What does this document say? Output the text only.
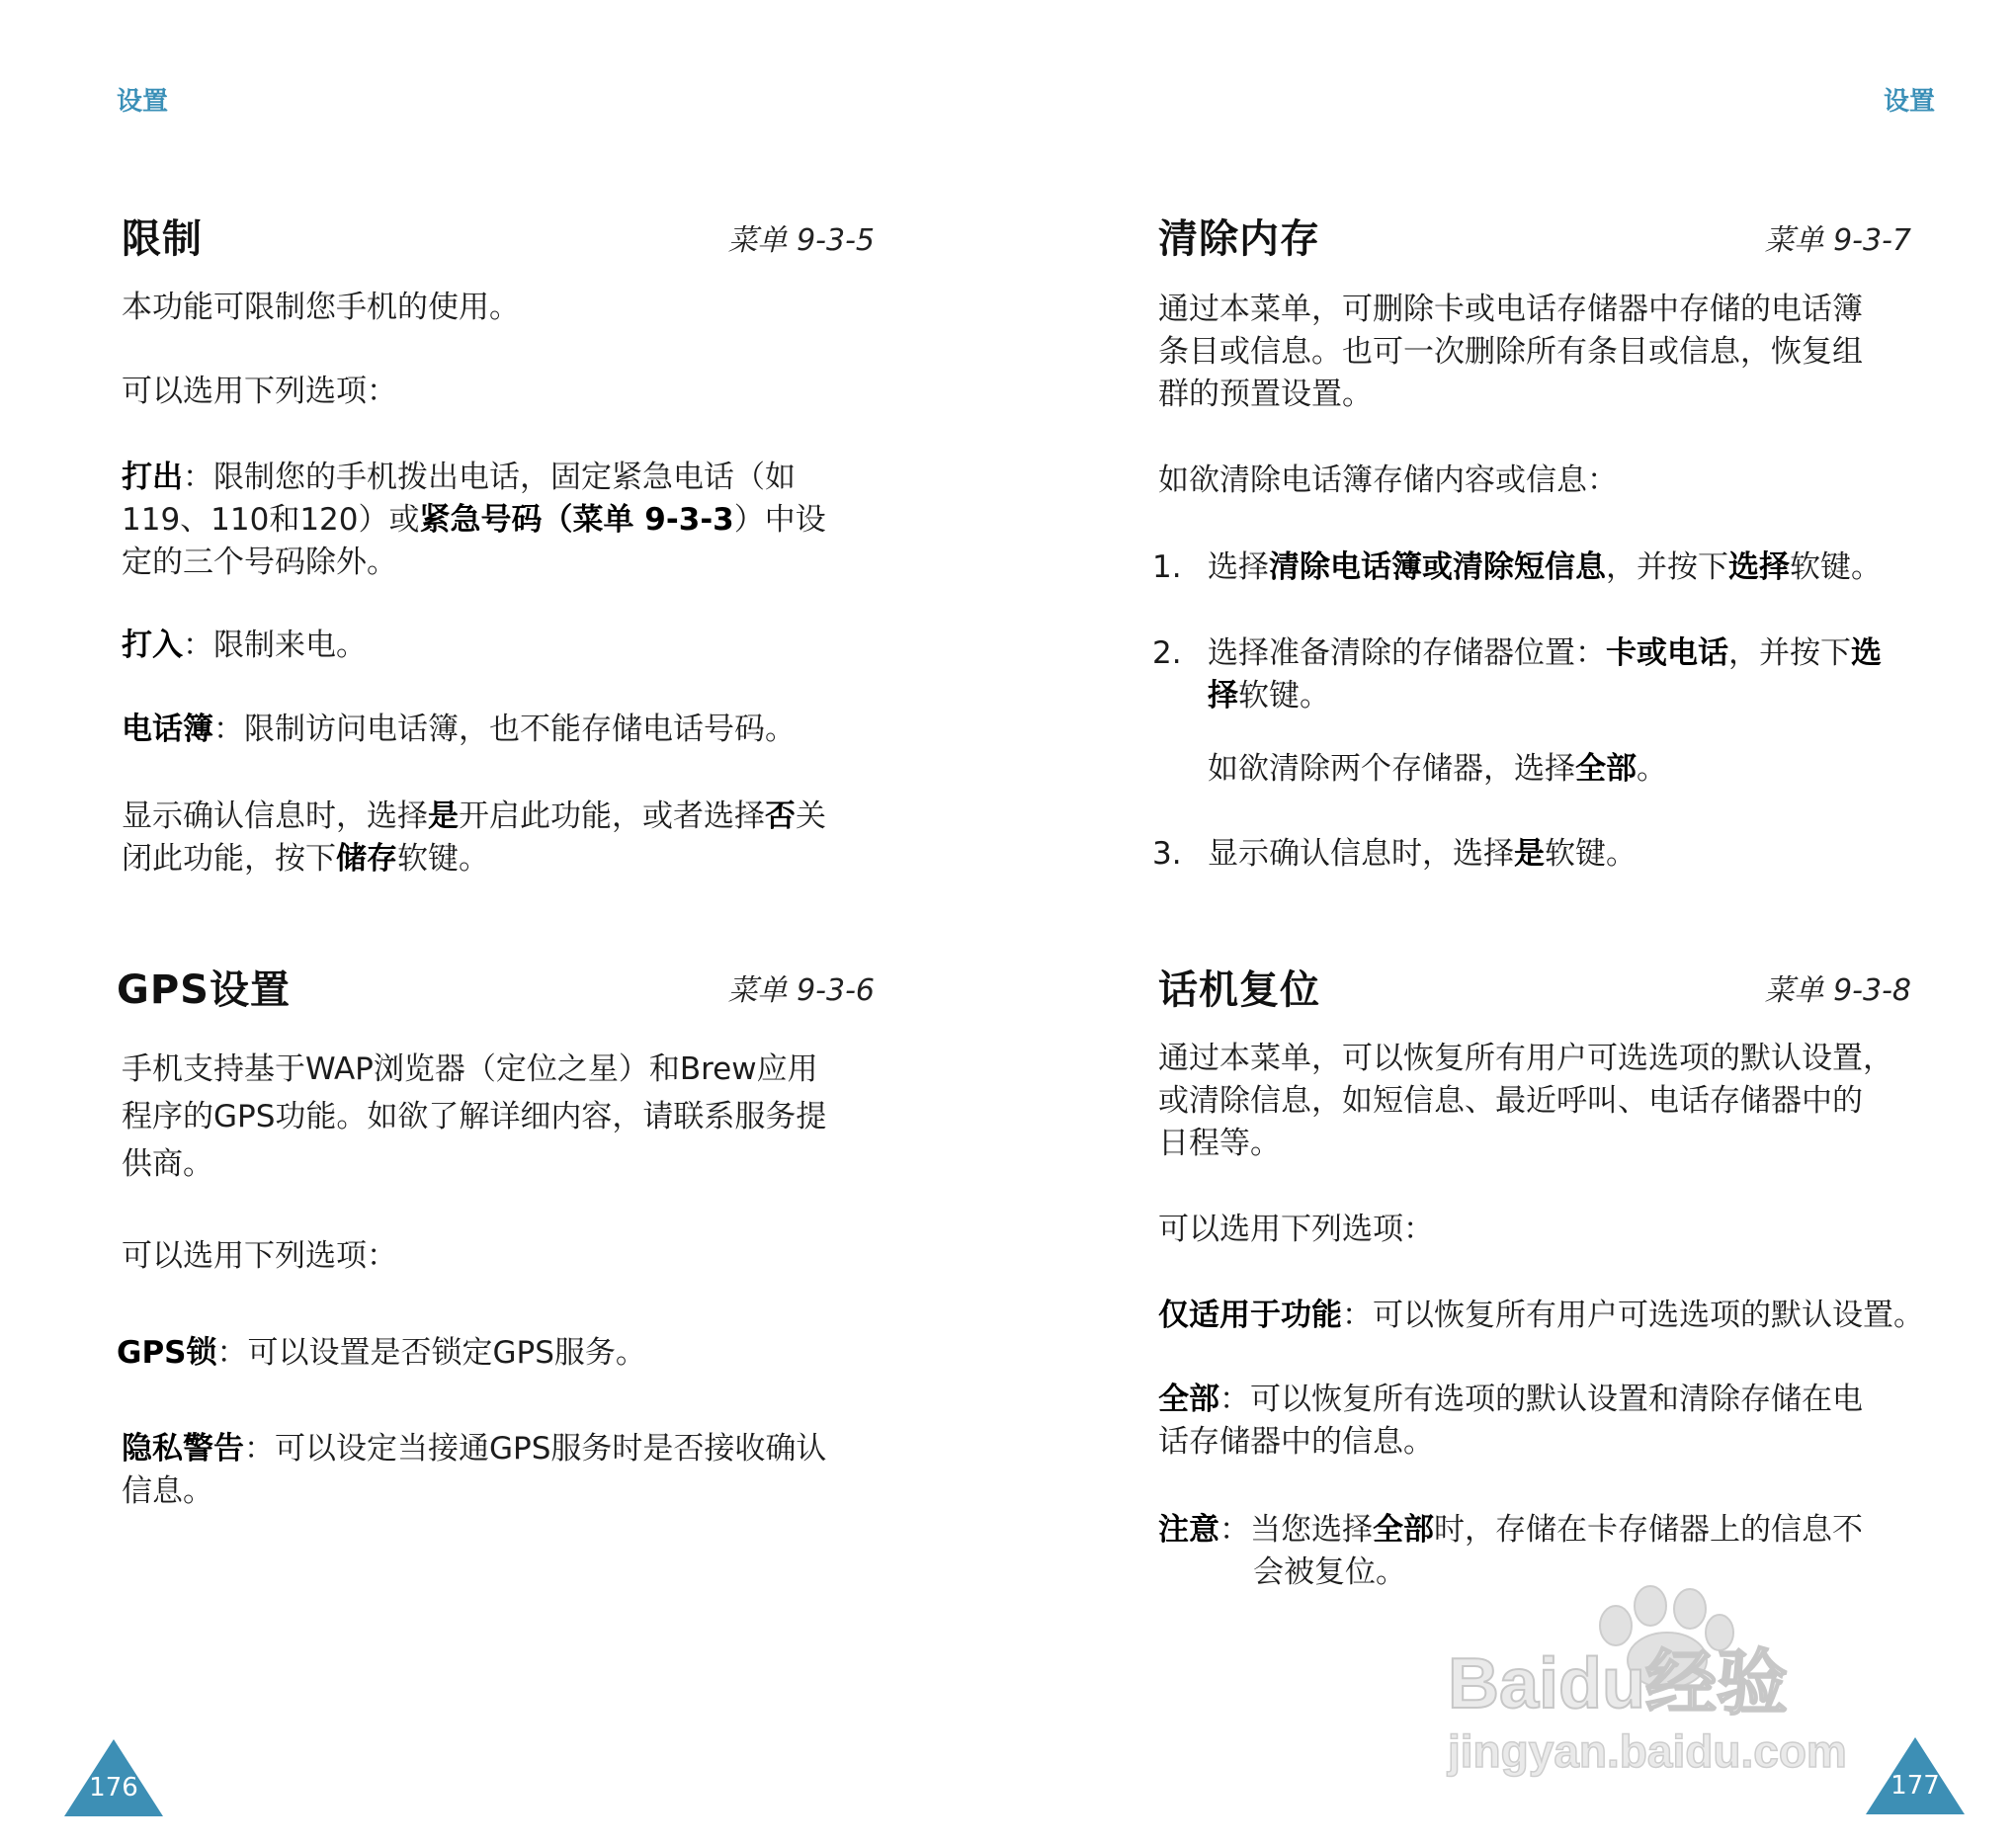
设置
限制	菜单 9-3-5
本功能可限制您手机的使用。
可以选用下列选项：
打出：限制您的手机拨出电话，固定紧急电话（如
119、110和120）或紧急号码（菜单 9-3-3）中设
定的三个号码除外。
打入：限制来电。
电话簿：限制访问电话簿，也不能存储电话号码。
显示确认信息时，选择是开启此功能，或者选择否关
闭此功能，按下储存软键。
GPS设置	菜单 9-3-6
手机支持基于WAP浏览器（定位之星）和Brew应用
程序的GPS功能。如欲了解详细内容，请联系服务提
供商。
可以选用下列选项：
GPS锁：可以设置是否锁定GPS服务。
隐私警告：可以设定当接通GPS服务时是否接收确认
信息。
176
设置
清除内存	菜单 9-3-7
通过本菜单，可删除卡或电话存储器中存储的电话簿
条目或信息。也可一次删除所有条目或信息，恢复组
群的预置设置。
如欲清除电话簿存储内容或信息：
1. 选择清除电话簿或清除短信息，并按下选择软键。
2. 选择准备清除的存储器位置：卡或电话，并按下选
择软键。
如欲清除两个存储器，选择全部。
3. 显示确认信息时，选择是软键。
话机复位	菜单 9-3-8
通过本菜单，可以恢复所有用户可选选项的默认设置，
或清除信息，如短信息、最近呼叫、电话存储器中的
日程等。
可以选用下列选项：
仅适用于功能：可以恢复所有用户可选选项的默认设置。
全部：可以恢复所有选项的默认设置和清除存储在电
话存储器中的信息。
注意：当您选择全部时，存储在卡存储器上的信息不
会被复位。
177
Baidu经验
jingyan.baidu.com
